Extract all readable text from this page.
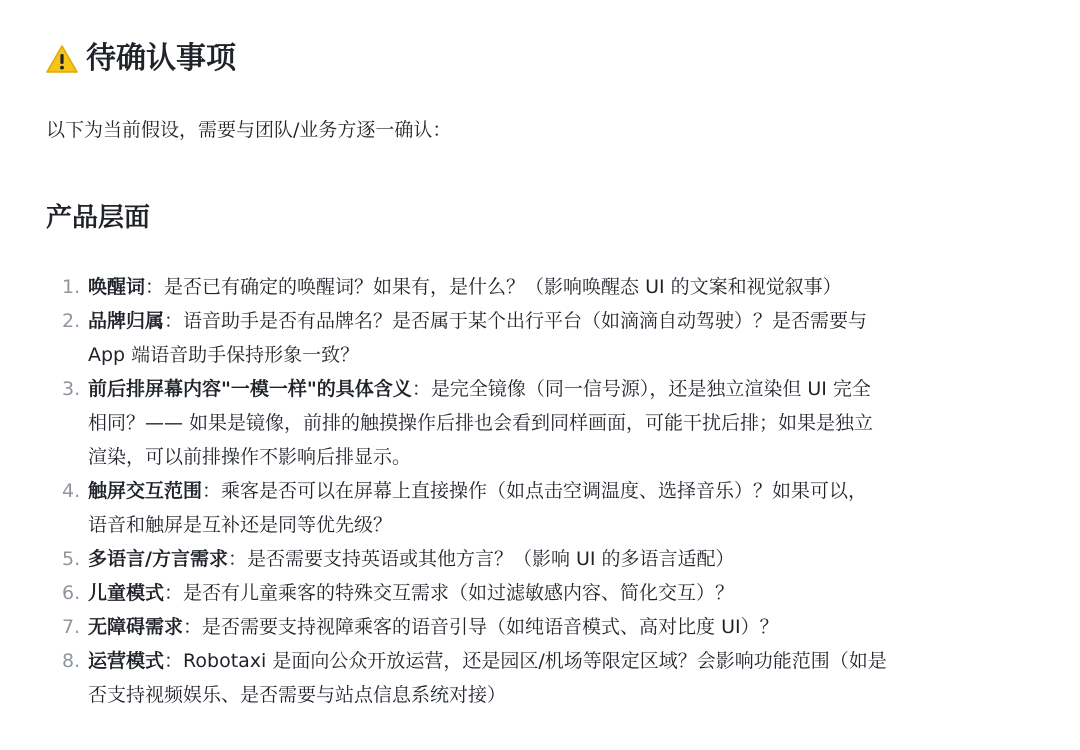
待确认事项
以下为当前假设，需要与团队/业务方逐一确认：
产品层面
1. 唤醒词：是否已有确定的唤醒词？如果有，是什么？（影响唤醒态 UI 的文案和视觉叙事）
2. 品牌归属：语音助手是否有品牌名？是否属于某个出行平台（如滴滴自动驾驶）？是否需要与
App 端语音助手保持形象一致？
3. 前后排屏幕内容"一模一样"的具体含义：是完全镜像（同一信号源），还是独立渲染但 UI 完全
相同？—— 如果是镜像，前排的触摸操作后排也会看到同样画面，可能干扰后排；如果是独立
渲染，可以前排操作不影响后排显示。
4. 触屏交互范围：乘客是否可以在屏幕上直接操作（如点击空调温度、选择音乐）？如果可以，
语音和触屏是互补还是同等优先级？
5. 多语言/方言需求：是否需要支持英语或其他方言？（影响 UI 的多语言适配）
6. 儿童模式：是否有儿童乘客的特殊交互需求（如过滤敏感内容、简化交互）？
7. 无障碍需求：是否需要支持视障乘客的语音引导（如纯语音模式、高对比度 UI）？
8. 运营模式：Robotaxi 是面向公众开放运营，还是园区/机场等限定区域？会影响功能范围（如是
否支持视频娱乐、是否需要与站点信息系统对接）
